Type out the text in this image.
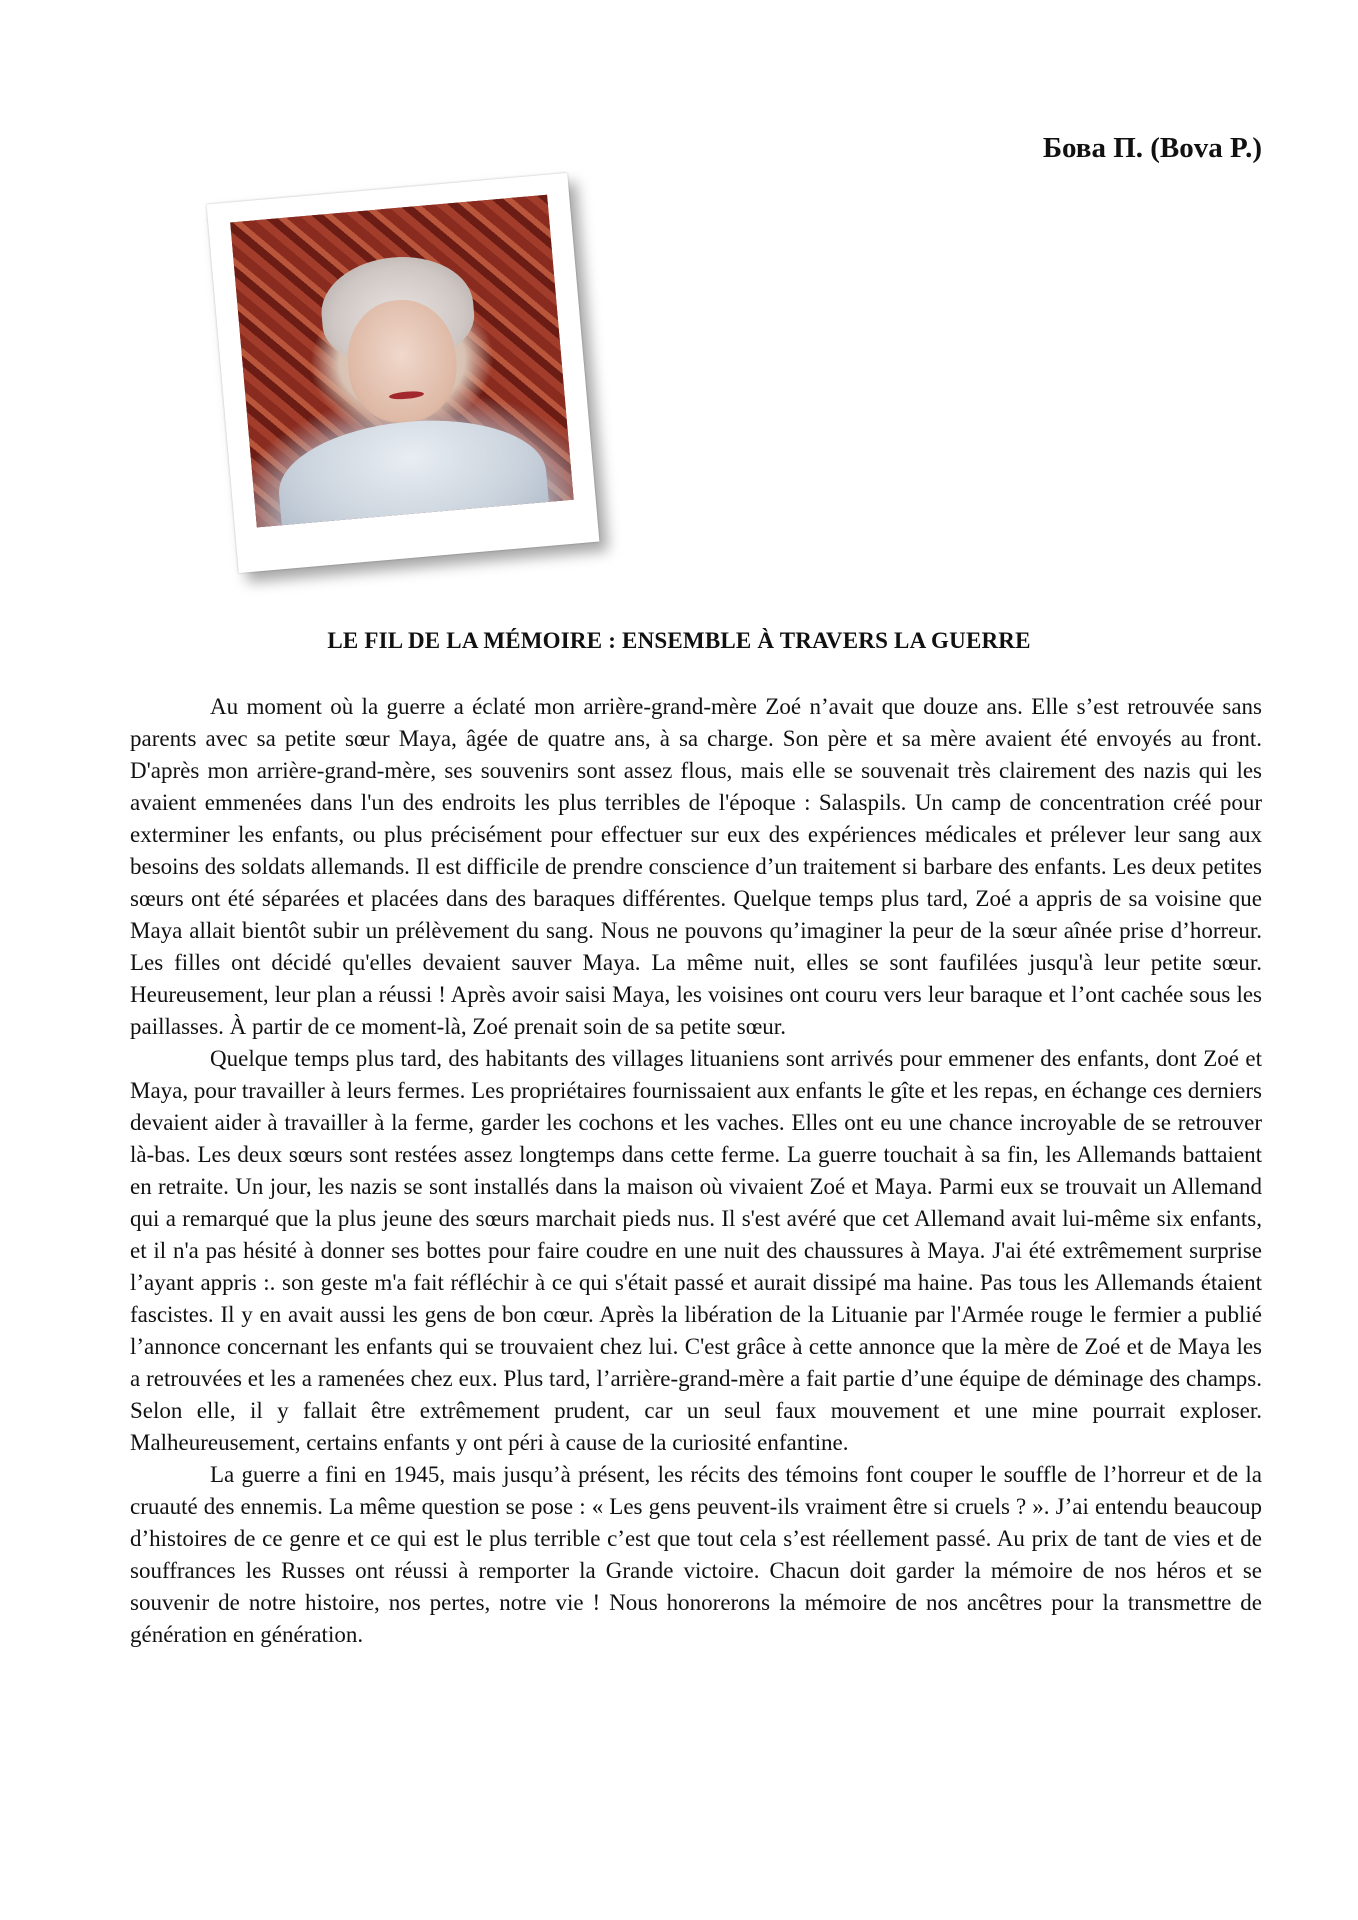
Бова П. (Bova P.)
LE FIL DE LA MÉMOIRE : ENSEMBLE À TRAVERS LA GUERRE

Au moment où la guerre a éclaté mon arrière-grand-mère Zoé n’avait que douze ans. Elle s’est retrouvée sans parents avec sa petite sœur Maya, âgée de quatre ans, à sa charge. Son père et sa mère avaient été envoyés au front. D'après mon arrière-grand-mère, ses souvenirs sont assez flous, mais elle se souvenait très clairement des nazis qui les avaient emmenées dans l'un des endroits les plus terribles de l'époque : Salaspils. Un camp de concentration créé pour exterminer les enfants, ou plus précisément pour effectuer sur eux des expériences médicales et prélever leur sang aux besoins des soldats allemands. Il est difficile de prendre conscience d’un traitement si barbare des enfants. Les deux petites sœurs ont été séparées et placées dans des baraques différentes. Quelque temps plus tard, Zoé a appris de sa voisine que Maya allait bientôt subir un prélèvement du sang. Nous ne pouvons qu’imaginer la peur de la sœur aînée prise d’horreur. Les filles ont décidé qu'elles devaient sauver Maya. La même nuit, elles se sont faufilées jusqu'à leur petite sœur. Heureusement, leur plan a réussi ! Après avoir saisi Maya, les voisines ont couru vers leur baraque et l’ont cachée sous les paillasses. À partir de ce moment-là, Zoé prenait soin de sa petite sœur.

Quelque temps plus tard, des habitants des villages lituaniens sont arrivés pour emmener des enfants, dont Zoé et Maya, pour travailler à leurs fermes. Les propriétaires fournissaient aux enfants le gîte et les repas, en échange ces derniers devaient aider à travailler à la ferme, garder les cochons et les vaches. Elles ont eu une chance incroyable de se retrouver là-bas. Les deux sœurs sont restées assez longtemps dans cette ferme. La guerre touchait à sa fin, les Allemands battaient en retraite. Un jour, les nazis se sont installés dans la maison où vivaient Zoé et Maya. Parmi eux se trouvait un Allemand qui a remarqué que la plus jeune des sœurs marchait pieds nus. Il s'est avéré que cet Allemand avait lui-même six enfants, et il n'a pas hésité à donner ses bottes pour faire coudre en une nuit des chaussures à Maya. J'ai été extrêmement surprise l’ayant appris :. son geste m'a fait réfléchir à ce qui s'était passé et aurait dissipé ma haine. Pas tous les Allemands étaient fascistes. Il y en avait aussi les gens de bon cœur. Après la libération de la Lituanie par l'Armée rouge le fermier a publié l’annonce concernant les enfants qui se trouvaient chez lui. C'est grâce à cette annonce que la mère de Zoé et de Maya les a retrouvées et les a ramenées chez eux. Plus tard, l’arrière-grand-mère a fait partie d’une équipe de déminage des champs. Selon elle, il y fallait être extrêmement prudent, car un seul faux mouvement et une mine pourrait exploser. Malheureusement, certains enfants y ont péri à cause de la curiosité enfantine.

La guerre a fini en 1945, mais jusqu’à présent, les récits des témoins font couper le souffle de l’horreur et de la cruauté des ennemis. La même question se pose : « Les gens peuvent-ils vraiment être si cruels ? ». J’ai entendu beaucoup d’histoires de ce genre et ce qui est le plus terrible c’est que tout cela s’est réellement passé. Au prix de tant de vies et de souffrances les Russes ont réussi à remporter la Grande victoire. Chacun doit garder la mémoire de nos héros et se souvenir de notre histoire, nos pertes, notre vie ! Nous honorerons la mémoire de nos ancêtres pour la transmettre de génération en génération.
